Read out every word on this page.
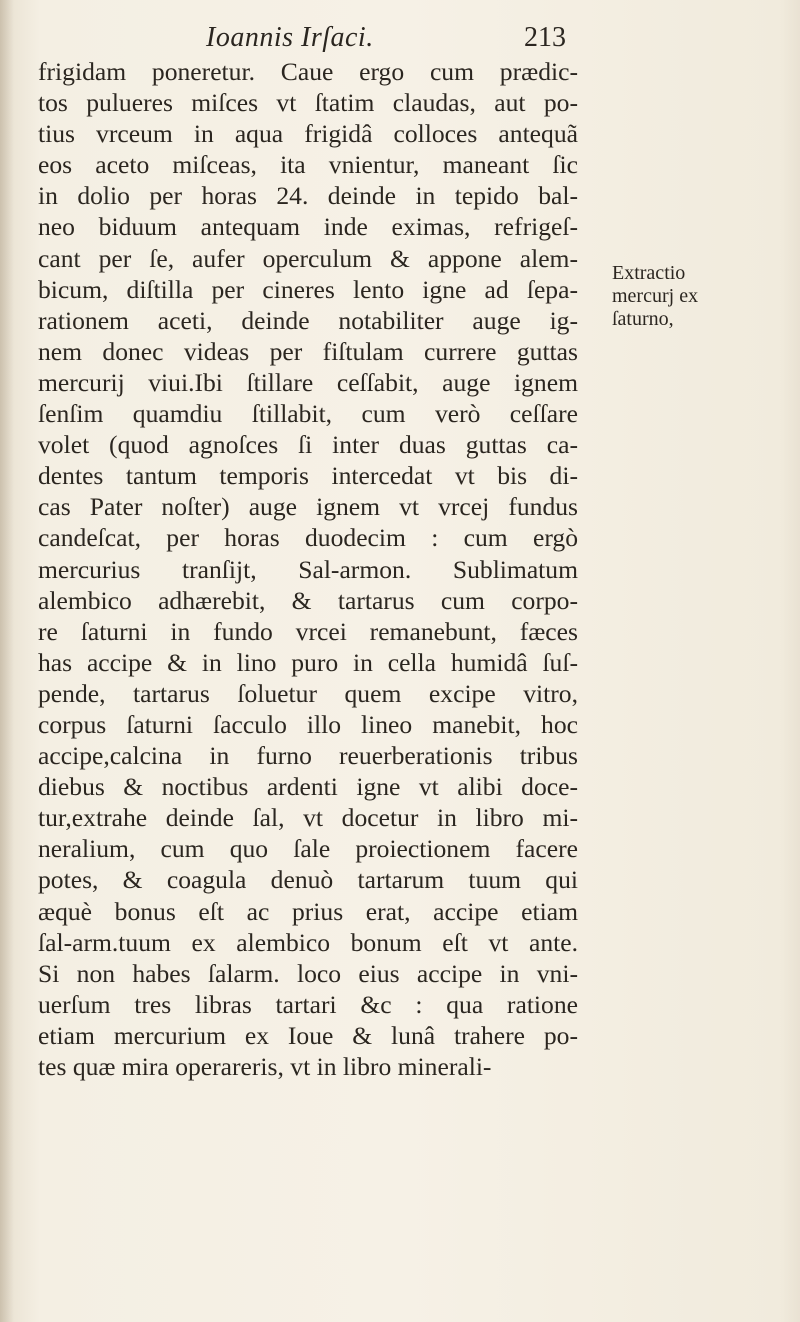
Ioannis Irſaci.	213
frigidam poneretur. Caue ergo cum prædic-
tos pulueres miſces vt ſtatim claudas, aut po-
tius vrceum in aqua frigidâ colloces antequã
eos aceto miſceas, ita vnientur, maneant ſic
in dolio per horas 24. deinde in tepido bal-
neo biduum antequam inde eximas, refrigeſ-
cant per ſe, aufer operculum & appone alem-
bicum, diſtilla per cineres lento igne ad ſepa-
rationem aceti, deinde notabiliter auge ig-
nem donec videas per fiſtulam currere guttas
mercurij viui.Ibi ſtillare ceſſabit, auge ignem
ſenſim quamdiu ſtillabit, cum verò ceſſare
volet (quod agnoſces ſi inter duas guttas ca-
dentes tantum temporis intercedat vt bis di-
cas Pater noſter) auge ignem vt vrcej fundus
candeſcat, per horas duodecim : cum ergò
mercurius tranſijt, Sal-armon. Sublimatum
alembico adhærebit, & tartarus cum corpo-
re ſaturni in fundo vrcei remanebunt, fæces
has accipe & in lino puro in cella humidâ ſuſ-
pende, tartarus ſoluetur quem excipe vitro,
corpus ſaturni ſacculo illo lineo manebit, hoc
accipe,calcina in furno reuerberationis tribus
diebus & noctibus ardenti igne vt alibi doce-
tur,extrahe deinde ſal, vt docetur in libro mi-
neralium, cum quo ſale proiectionem facere
potes, & coagula denuò tartarum tuum qui
æquè bonus eſt ac prius erat, accipe etiam
ſal-arm.tuum ex alembico bonum eſt vt ante.
Si non habes ſalarm. loco eius accipe in vni-
uerſum tres libras tartari &c : qua ratione
etiam mercurium ex Ioue & lunâ trahere po-
tes quæ mira operareris, vt in libro minerali-
Extractio
mercurj ex
ſaturno,
